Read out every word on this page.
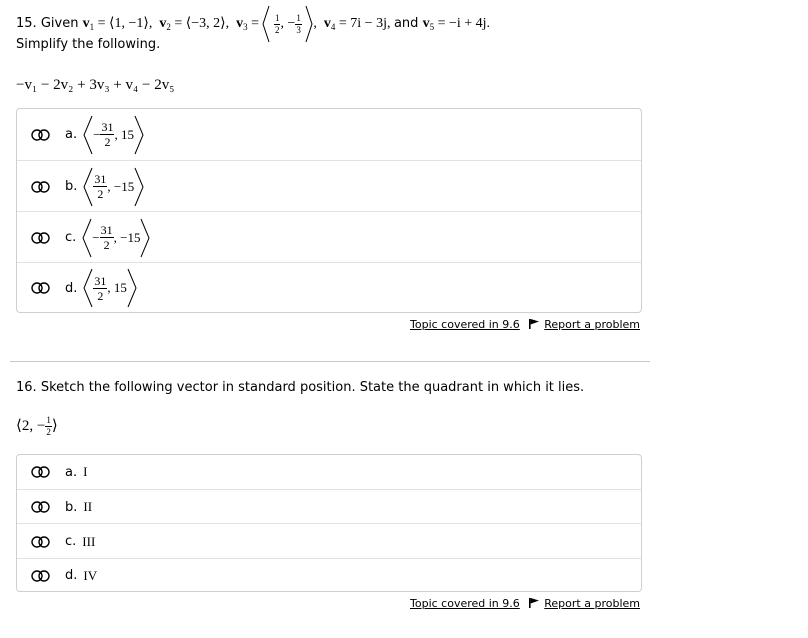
15. Given $v_1$ = ⟨1, −1⟩,  $v_2$ = ⟨−3, 2⟩,  $v_3$ =
$\frac{1}{2}$ , − $\frac{1}{3}$
,  $v_4 = 7i - 3j$, and $v_5 = -i + 4j$.
Simplify the following.
−v₁ − 2v₂ + 3v₃ + v₄ − 2v₅
a. − $\frac{31}{2}$ , 15
b. $\frac{31}{2}$ , −15
c. − $\frac{31}{2}$ , −15
d. $\frac{31}{2}$ , 15
Topic covered in 9.6 Report a problem
16. Sketch the following vector in standard position. State the quadrant in which it lies.
⟨2, − $\frac{1}{2}$ ⟩
a. I
b. II
c. III
d. IV
Topic covered in 9.6 Report a problem
